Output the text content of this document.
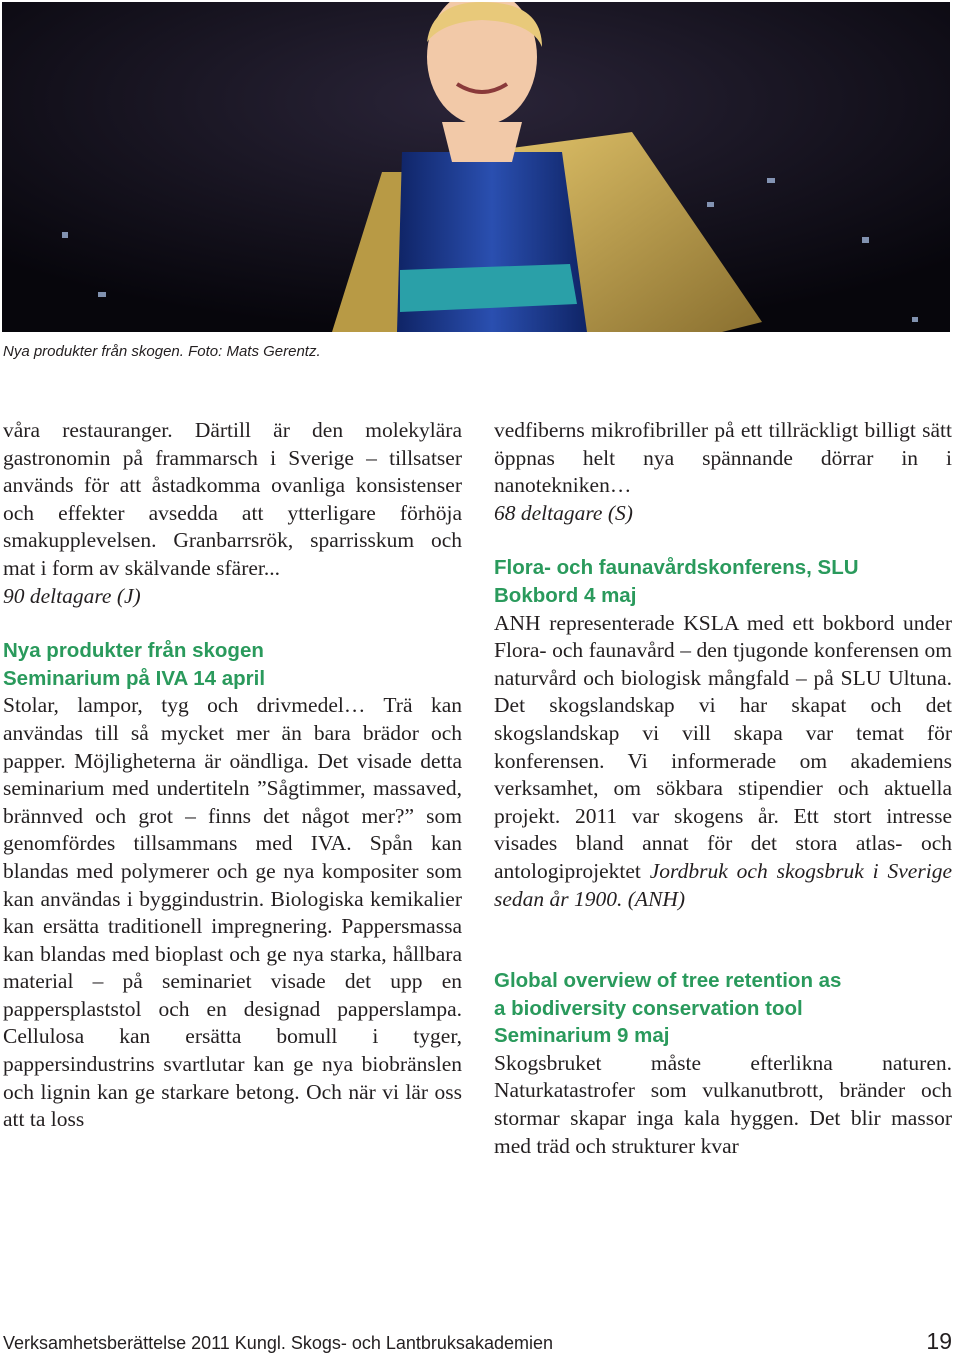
Nya produkter från skogen. Foto: Mats Gerentz.

våra restauranger. Därtill är den molekylära gastronomin på frammarsch i Sverige – tillsatser används för att åstadkomma ovanliga konsistenser och effekter avsedda att ytterligare förhöja smakupplevelsen. Granbarrsrök, sparrisskum och mat i form av skälvande sfärer...

90 deltagare (J)

Nya produkter från skogen

Seminarium på IVA 14 april

Stolar, lampor, tyg och drivmedel… Trä kan användas till så mycket mer än bara brädor och papper. Möjligheterna är oändliga. Det visade detta seminarium med undertiteln ”Sågtimmer, massaved, brännved och grot – finns det något mer?” som genomfördes tillsammans med IVA. Spån kan blandas med polymerer och ge nya kompositer som kan användas i byggindustrin. Biologiska kemikalier kan ersätta traditionell impregnering. Pappersmassa kan blandas med bioplast och ge nya starka, hållbara material – på seminariet visade det upp en pappersplaststol och en designad papperslampa. Cellulosa kan ersätta bomull i tyger, pappersindustrins svartlutar kan ge nya biobränslen och lignin kan ge starkare betong. Och när vi lär oss att ta loss

vedfiberns mikrofibriller på ett tillräckligt billigt sätt öppnas helt nya spännande dörrar in i nanotekniken…

68 deltagare (S)

Flora- och faunavårdskonferens, SLU

Bokbord 4 maj

ANH representerade KSLA med ett bokbord under Flora- och faunavård – den tjugonde konferensen om naturvård och biologisk mångfald – på SLU Ultuna. Det skogslandskap vi har skapat och det skogslandskap vi vill skapa var temat för konferensen. Vi informerade om akademiens verksamhet, om sökbara stipendier och aktuella projekt. 2011 var skogens år. Ett stort intresse visades bland annat för det stora atlas- och antologiprojektet Jordbruk och skogsbruk i Sverige sedan år 1900. (ANH)

Global overview of tree retention as

a biodiversity conservation tool

Seminarium 9 maj

Skogsbruket måste efterlikna naturen. Naturkatastrofer som vulkanutbrott, bränder och stormar skapar inga kala hyggen. Det blir massor med träd och strukturer kvar

Verksamhetsberättelse 2011 Kungl. Skogs- och Lantbruksakademien	19
